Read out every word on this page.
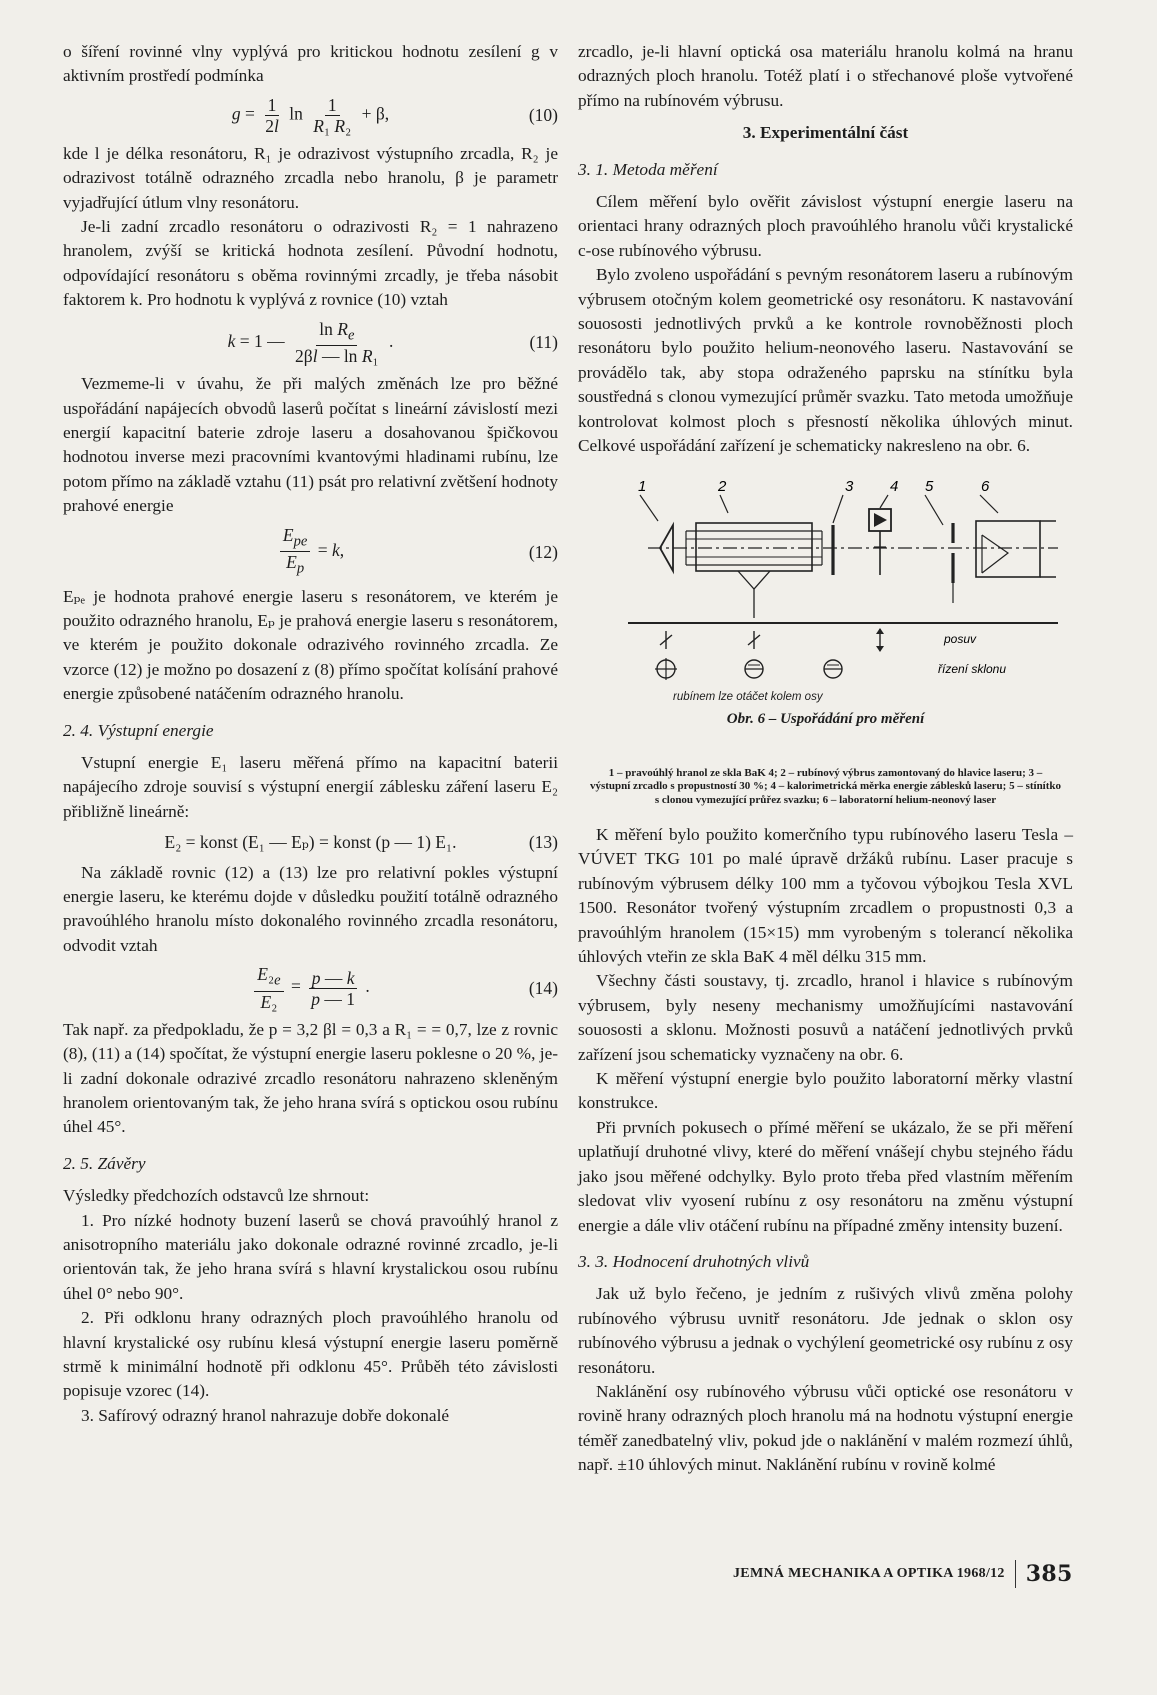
o šíření rovinné vlny vyplývá pro kritickou hodnotu zesílení g v aktivním prostředí podmínka

$g = \frac{1}{2l}$ $\ln \frac{1}{\text{R₁ R₂}} + \beta$,	(10)

kde l je délka resonátoru, R₁ je odrazivost výstupního zrcadla, R₂ je odrazivost totálně odrazného zrcadla nebo hranolu, β je parametr vyjadřující útlum vlny resonátoru.

Je-li zadní zrcadlo resonátoru o odrazivosti R₂ = 1 nahrazeno hranolem, zvýší se kritická hodnota zesílení. Původní hodnotu, odpovídající resonátoru s oběma rovinnými zrcadly, je třeba násobit faktorem k. Pro hodnotu k vyplývá z rovnice (10) vztah

k = 1 — $\frac{\ln R_e}{\text{2βl — ln R₁}}$ .	(11)

Vezmeme-li v úvahu, že při malých změnách lze pro běžné uspořádání napájecích obvodů laserů počítat s lineární závislostí mezi energií kapacitní baterie zdroje laseru a dosahovanou špičkovou hodnotou inverse mezi pracovními kvantovými hladinami rubínu, lze potom přímo na základě vztahu (11) psát pro relativní zvětšení hodnoty prahové energie

$\frac{E_{pe}}{E_p} = k$,	(12)

Eₚₑ je hodnota prahové energie laseru s resonátorem, ve kterém je použito odrazného hranolu, Eₚ je prahová energie laseru s resonátorem, ve kterém je použito dokonale odrazivého rovinného zrcadla. Ze vzorce (12) je možno po dosazení z (8) přímo spočítat kolísání prahové energie způsobené natáčením odrazného hranolu.

2. 4. Výstupní energie

Vstupní energie E₁ laseru měřená přímo na kapacitní baterii napájecího zdroje souvisí s výstupní energií záblesku záření laseru E₂ přibližně lineárně:

E₂ = konst (E₁ — Eₚ) = konst (p — 1) E₁.	(13)

Na základě rovnic (12) a (13) lze pro relativní pokles výstupní energie laseru, ke kterému dojde v důsledku použití totálně odrazného pravoúhlého hranolu místo dokonalého rovinného zrcadla resonátoru, odvodit vztah

$\frac{E_2_e}{\text{E₂}} = \frac{p — k}{p — 1}$ .	(14)

Tak např. za předpokladu, že p = 3,2 βl = 0,3 a R₁ = = 0,7, lze z rovnic (8), (11) a (14) spočítat, že výstupní energie laseru poklesne o 20 %, je-li zadní dokonale odrazivé zrcadlo resonátoru nahrazeno skleněným hranolem orientovaným tak, že jeho hrana svírá s optickou osou rubínu úhel 45°.

2. 5. Závěry

Výsledky předchozích odstavců lze shrnout:

1. Pro nízké hodnoty buzení laserů se chová pravoúhlý hranol z anisotropního materiálu jako dokonale odrazné rovinné zrcadlo, je-li orientován tak, že jeho hrana svírá s hlavní krystalickou osou rubínu úhel 0° nebo 90°.

2. Při odklonu hrany odrazných ploch pravoúhlého hranolu od hlavní krystalické osy rubínu klesá výstupní energie laseru poměrně strmě k minimální hodnotě při odklonu 45°. Průběh této závislosti popisuje vzorec (14).

3. Safírový odrazný hranol nahrazuje dobře dokonalé

zrcadlo, je-li hlavní optická osa materiálu hranolu kolmá na hranu odrazných ploch hranolu. Totéž platí i o střechanové ploše vytvořené přímo na rubínovém výbrusu.

3. Experimentální část

3. 1. Metoda měření

Cílem měření bylo ověřit závislost výstupní energie laseru na orientaci hrany odrazných ploch pravoúhlého hranolu vůči krystalické c-ose rubínového výbrusu.

Bylo zvoleno uspořádání s pevným resonátorem laseru a rubínovým výbrusem otočným kolem geometrické osy resonátoru. K nastavování souososti jednotlivých prvků a ke kontrole rovnoběžnosti ploch resonátoru bylo použito helium-neonového laseru. Nastavování se provádělo tak, aby stopa odraženého paprsku na stínítku byla soustředná s clonou vymezující průměr svazku. Tato metoda umožňuje kontrolovat kolmost ploch s přesností několika úhlových minut. Celkové uspořádání zařízení je schematicky nakresleno na obr. 6.

1	2	3 4 5	6
posuv
řízení sklonu
rubínem lze otáčet kolem osy
Obr. 6 – Uspořádání pro měření

1 – pravoúhlý hranol ze skla BaK 4; 2 – rubínový výbrus zamontovaný do hlavice laseru; 3 – výstupní zrcadlo s propustností 30 %; 4 – kalorimetrická měrka energie záblesků laseru; 5 – stínítko s clonou vymezující průřez svazku; 6 – laboratorní helium-neonový laser

K měření bylo použito komerčního typu rubínového laseru Tesla – VÚVET TKG 101 po malé úpravě držáků rubínu. Laser pracuje s rubínovým výbrusem délky 100 mm a tyčovou výbojkou Tesla XVL 1500. Resonátor tvořený výstupním zrcadlem o propustnosti 0,3 a pravoúhlým hranolem (15×15) mm vyrobeným s tolerancí několika úhlových vteřin ze skla BaK 4 měl délku 315 mm.

Všechny části soustavy, tj. zrcadlo, hranol i hlavice s rubínovým výbrusem, byly neseny mechanismy umožňujícími nastavování souososti a sklonu. Možnosti posuvů a natáčení jednotlivých prvků zařízení jsou schematicky vyznačeny na obr. 6.

K měření výstupní energie bylo použito laboratorní měrky vlastní konstrukce.

Při prvních pokusech o přímé měření se ukázalo, že se při měření uplatňují druhotné vlivy, které do měření vnášejí chybu stejného řádu jako jsou měřené odchylky. Bylo proto třeba před vlastním měřením sledovat vliv vyosení rubínu z osy resonátoru na změnu výstupní energie a dále vliv otáčení rubínu na případné změny intensity buzení.

3. 3. Hodnocení druhotných vlivů

Jak už bylo řečeno, je jedním z rušivých vlivů změna polohy rubínového výbrusu uvnitř resonátoru. Jde jednak o sklon osy rubínového výbrusu a jednak o vychýlení geometrické osy rubínu z osy resonátoru.

Naklánění osy rubínového výbrusu vůči optické ose resonátoru v rovině hrany odrazných ploch hranolu má na hodnotu výstupní energie téměř zanedbatelný vliv, pokud jde o naklánění v malém rozmezí úhlů, např. ±10 úhlových minut. Naklánění rubínu v rovině kolmé

JEMNÁ MECHANIKA A OPTIKA 1968/12 385
